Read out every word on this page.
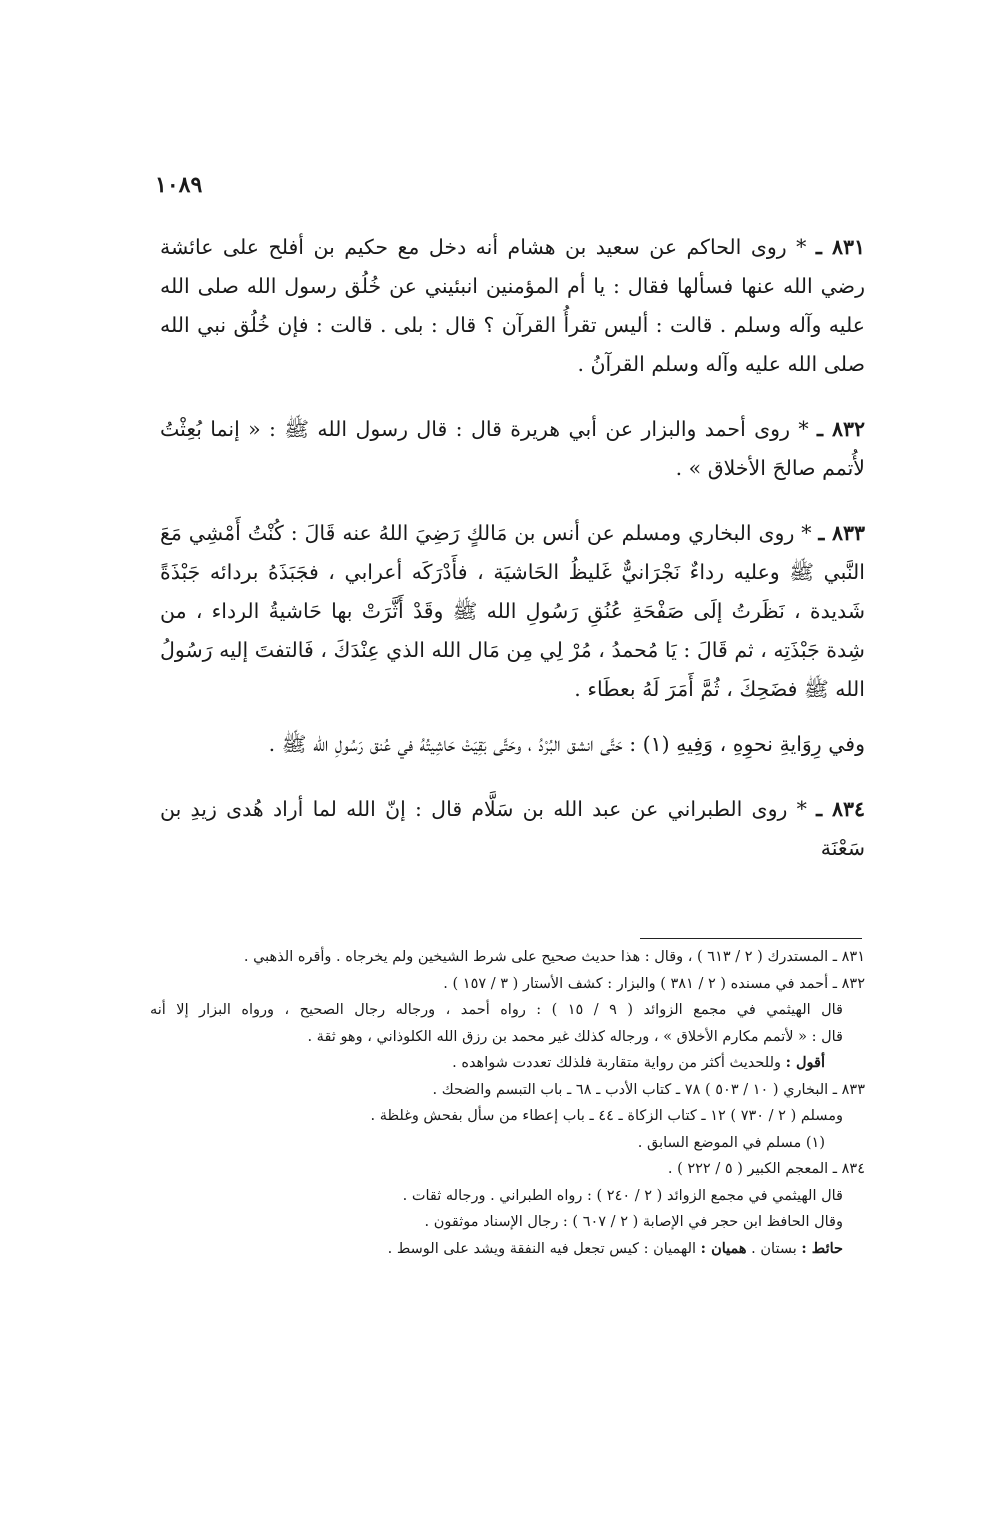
١٠٨٩

٨٣١ ـ * روى الحاكم عن سعيد بن هشام أنه دخل مع حكيم بن أفلح على عائشة رضي الله عنها فسألها فقال : يا أم المؤمنين انبئيني عن خُلُق رسول الله صلى الله عليه وآله وسلم . قالت : أليس تقرأُ القرآن ؟ قال : بلى . قالت : فإن خُلُق نبي الله صلى الله عليه وآله وسلم القرآنُ .

٨٣٢ ـ * روى أحمد والبزار عن أبي هريرة قال : قال رسول الله ﷺ : « إنما بُعِثْتُ لأُتمم صالحَ الأخلاق » .

٨٣٣ ـ * روى البخاري ومسلم عن أنس بن مَالكٍ رَضِيَ اللهُ عنه قَالَ : كُنْتُ أَمْشِي مَعَ النَّبي ﷺ وعليه رداءٌ نَجْرَانيٌّ غَليظُ الحَاشيَة ، فأَدْرَكَه أعرابي ، فجَبَذَهُ بردائه جَبْذَةً شَديدة ، نَظَرتُ إلَى صَفْحَةِ عُنُقِ رَسُولِ الله ﷺ وقَدْ أَثَّرَتْ بها حَاشيةُ الرداء ، من شِدة جَبْذَتِه ، ثم قَالَ : يَا مُحمدُ ، مُرْ لِي مِن مَال الله الذي عِنْدَكَ ، فَالتفتَ إليه رَسُولُ الله ﷺ فضَحِكَ ، ثُمَّ أَمَرَ لَهُ بعطَاء .

وفي رِوَايةِ نحوِهِ ، وَفِيهِ (١) : حَتَّى انشق البُرْدُ ، وحَتَّى بَقِيَتْ حَاشِيتُهُ في عُنق رَسُولِ الله ﷺ .

٨٣٤ ـ * روى الطبراني عن عبد الله بن سَلَّام قال : إنّ الله لما أراد هُدى زيدِ بن سَعْنَة

٨٣١ ـ المستدرك ( ٢ / ٦١٣ ) ، وقال : هذا حديث صحيح على شرط الشيخين ولم يخرجاه . وأقره الذهبي .

٨٣٢ ـ أحمد في مسنده ( ٢ / ٣٨١ ) والبزار : كشف الأستار ( ٣ / ١٥٧ ) .

قال الهيثمي في مجمع الزوائد ( ٩ / ١٥ ) : رواه أحمد ، ورجاله رجال الصحيح ، ورواه البزار إلا أنه

قال : « لأتمم مكارم الأخلاق » ، ورجاله كذلك غير محمد بن رزق الله الكلوذاني ، وهو ثقة .

أقول : وللحديث أكثر من رواية متقاربة فلذلك تعددت شواهده .

٨٣٣ ـ البخاري ( ١٠ / ٥٠٣ ) ٧٨ ـ كتاب الأدب ـ ٦٨ ـ باب التبسم والضحك .

ومسلم ( ٢ / ٧٣٠ ) ١٢ ـ كتاب الزكاة ـ ٤٤ ـ باب إعطاء من سأل بفحش وغلظة .

(١) مسلم في الموضع السابق .

٨٣٤ ـ المعجم الكبير ( ٥ / ٢٢٢ ) .

قال الهيثمي في مجمع الزوائد ( ٢ / ٢٤٠ ) : رواه الطبراني . ورجاله ثقات .

وقال الحافظ ابن حجر في الإصابة ( ٢ / ٦٠٧ ) : رجال الإسناد موثقون .

حائط : بستان . هميان : الهميان : كيس تجعل فيه النفقة ويشد على الوسط .
